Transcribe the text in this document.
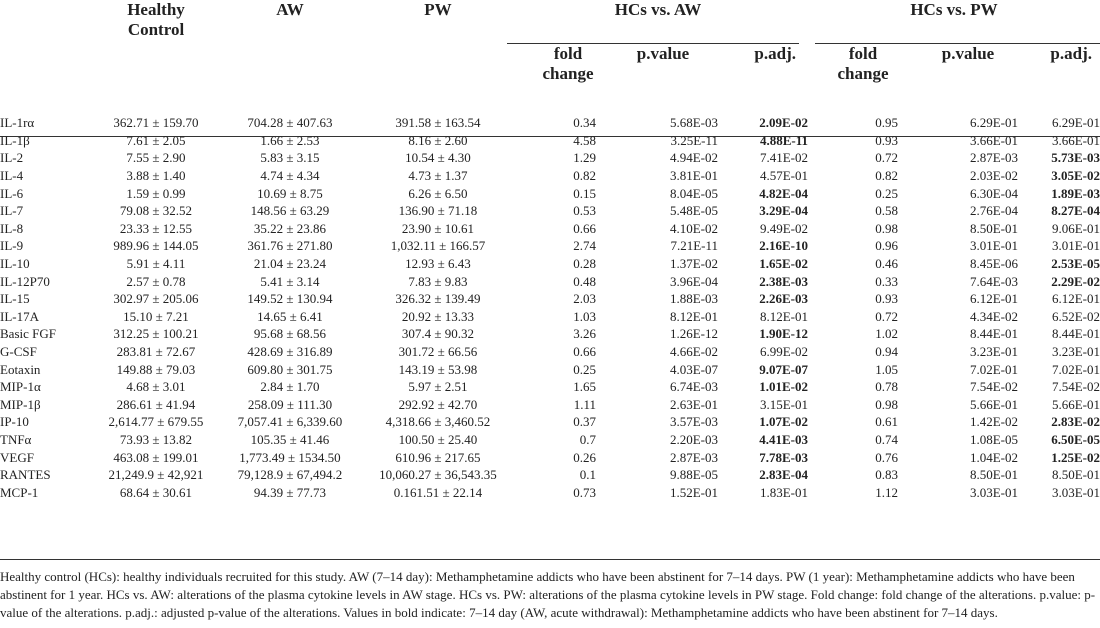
	Healthy Control	AW	PW	HCs vs. AW			HCs vs. PW		
				fold change	p.value	p.adj.	fold change	p.value	p.adj.
IL-1rα	362.71 ± 159.70	704.28 ± 407.63	391.58 ± 163.54	0.34	5.68E-03	2.09E-02	0.95	6.29E-01	6.29E-01
IL-1β	7.61 ± 2.05	1.66 ± 2.53	8.16 ± 2.60	4.58	3.25E-11	4.88E-11	0.93	3.66E-01	3.66E-01
IL-2	7.55 ± 2.90	5.83 ± 3.15	10.54 ± 4.30	1.29	4.94E-02	7.41E-02	0.72	2.87E-03	5.73E-03
IL-4	3.88 ± 1.40	4.74 ± 4.34	4.73 ± 1.37	0.82	3.81E-01	4.57E-01	0.82	2.03E-02	3.05E-02
IL-6	1.59 ± 0.99	10.69 ± 8.75	6.26 ± 6.50	0.15	8.04E-05	4.82E-04	0.25	6.30E-04	1.89E-03
IL-7	79.08 ± 32.52	148.56 ± 63.29	136.90 ± 71.18	0.53	5.48E-05	3.29E-04	0.58	2.76E-04	8.27E-04
IL-8	23.33 ± 12.55	35.22 ± 23.86	23.90 ± 10.61	0.66	4.10E-02	9.49E-02	0.98	8.50E-01	9.06E-01
IL-9	989.96 ± 144.05	361.76 ± 271.80	1,032.11 ± 166.57	2.74	7.21E-11	2.16E-10	0.96	3.01E-01	3.01E-01
IL-10	5.91 ± 4.11	21.04 ± 23.24	12.93 ± 6.43	0.28	1.37E-02	1.65E-02	0.46	8.45E-06	2.53E-05
IL-12P70	2.57 ± 0.78	5.41 ± 3.14	7.83 ± 9.83	0.48	3.96E-04	2.38E-03	0.33	7.64E-03	2.29E-02
IL-15	302.97 ± 205.06	149.52 ± 130.94	326.32 ± 139.49	2.03	1.88E-03	2.26E-03	0.93	6.12E-01	6.12E-01
IL-17A	15.10 ± 7.21	14.65 ± 6.41	20.92 ± 13.33	1.03	8.12E-01	8.12E-01	0.72	4.34E-02	6.52E-02
Basic FGF	312.25 ± 100.21	95.68 ± 68.56	307.4 ± 90.32	3.26	1.26E-12	1.90E-12	1.02	8.44E-01	8.44E-01
G-CSF	283.81 ± 72.67	428.69 ± 316.89	301.72 ± 66.56	0.66	4.66E-02	6.99E-02	0.94	3.23E-01	3.23E-01
Eotaxin	149.88 ± 79.03	609.80 ± 301.75	143.19 ± 53.98	0.25	4.03E-07	9.07E-07	1.05	7.02E-01	7.02E-01
MIP-1α	4.68 ± 3.01	2.84 ± 1.70	5.97 ± 2.51	1.65	6.74E-03	1.01E-02	0.78	7.54E-02	7.54E-02
MIP-1β	286.61 ± 41.94	258.09 ± 111.30	292.92 ± 42.70	1.11	2.63E-01	3.15E-01	0.98	5.66E-01	5.66E-01
IP-10	2,614.77 ± 679.55	7,057.41 ± 6,339.60	4,318.66 ± 3,460.52	0.37	3.57E-03	1.07E-02	0.61	1.42E-02	2.83E-02
TNFα	73.93 ± 13.82	105.35 ± 41.46	100.50 ± 25.40	0.7	2.20E-03	4.41E-03	0.74	1.08E-05	6.50E-05
VEGF	463.08 ± 199.01	1,773.49 ± 1534.50	610.96 ± 217.65	0.26	2.87E-03	7.78E-03	0.76	1.04E-02	1.25E-02
RANTES	21,249.9 ± 42,921	79,128.9 ± 67,494.2	10,060.27 ± 36,543.35	0.1	9.88E-05	2.83E-04	0.83	8.50E-01	8.50E-01
MCP-1	68.64 ± 30.61	94.39 ± 77.73	0.161.51 ± 22.14	0.73	1.52E-01	1.83E-01	1.12	3.03E-01	3.03E-01
Healthy control (HCs): healthy individuals recruited for this study. AW (7–14 day): Methamphetamine addicts who have been abstinent for 7–14 days. PW (1 year): Methamphetamine addicts who have been abstinent for 1 year. HCs vs. AW: alterations of the plasma cytokine levels in AW stage. HCs vs. PW: alterations of the plasma cytokine levels in PW stage. Fold change: fold change of the alterations. p.value: p-value of the alterations. p.adj.: adjusted p-value of the alterations. Values in bold indicate: 7–14 day (AW, acute withdrawal): Methamphetamine addicts who have been abstinent for 7–14 days.
